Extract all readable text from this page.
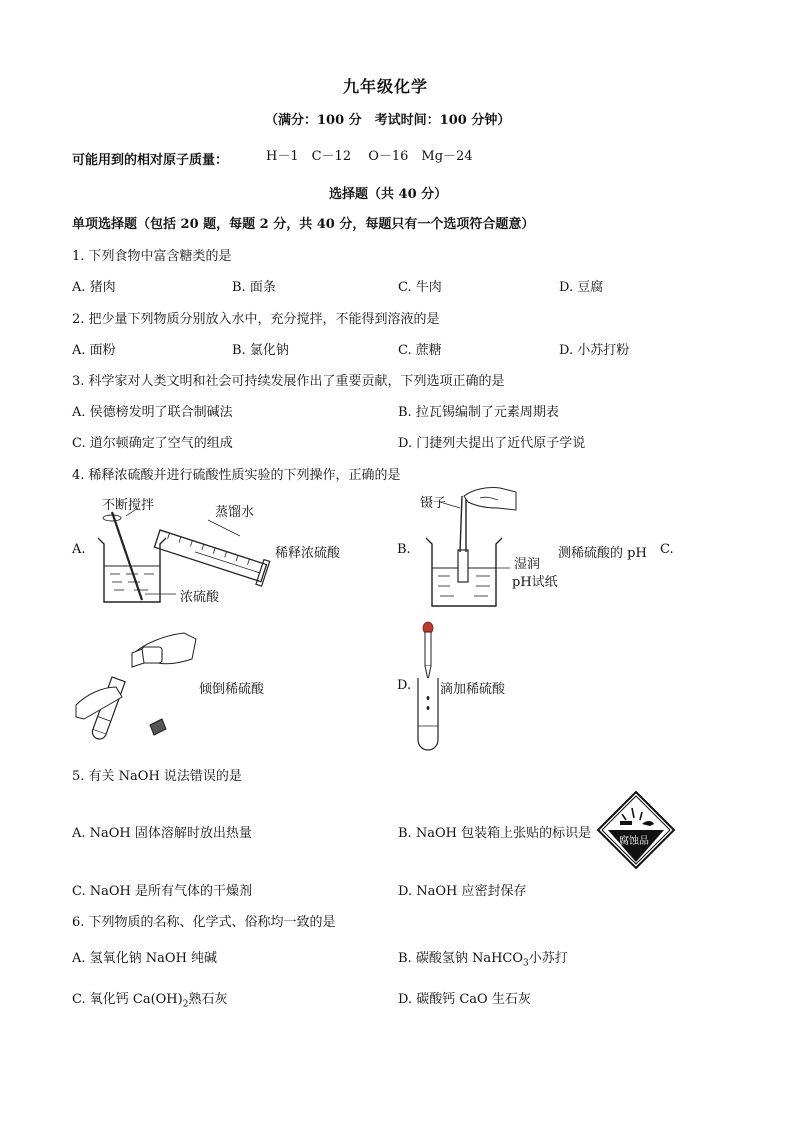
九年级化学
（满分：100 分　考试时间：100 分钟）
可能用到的相对原子质量：	H－1　C－12　 O－16　Mg－24
选择题（共 40 分）
单项选择题（包括 20 题，每题 2 分，共 40 分，每题只有一个选项符合题意）
1. 下列食物中富含糖类的是
A. 猪肉	B. 面条	C. 牛肉	D. 豆腐
2. 把少量下列物质分别放入水中，充分搅拌，不能得到溶液的是
A. 面粉	B. 氯化钠	C. 蔗糖	D. 小苏打粉
3. 科学家对人类文明和社会可持续发展作出了重要贡献，下列选项正确的是
A. 侯德榜发明了联合制碱法	B. 拉瓦锡编制了元素周期表
C. 道尔顿确定了空气的组成	D. 门捷列夫提出了近代原子学说
4. 稀释浓硫酸并进行硫酸性质实验的下列操作，正确的是
A.
不断搅拌	蒸馏水
稀释浓硫酸
浓硫酸
B.
镊子
湿润
pH试纸
测稀硫酸的 pH C.
倾倒稀硫酸	D. 滴加稀硫酸
5. 有关 NaOH 说法错误的是
A. NaOH 固体溶解时放出热量	B. NaOH 包装箱上张贴的标识是
腐蚀品
C. NaOH 是所有气体的干燥剂	D. NaOH 应密封保存
6. 下列物质的名称、化学式、俗称均一致的是
A. 氢氧化钠 NaOH 纯碱	B. 碳酸氢钠 NaHCO$_3$小苏打
C. 氧化钙 $Ca(OH)_2$熟石灰	D. 碳酸钙 CaO 生石灰
